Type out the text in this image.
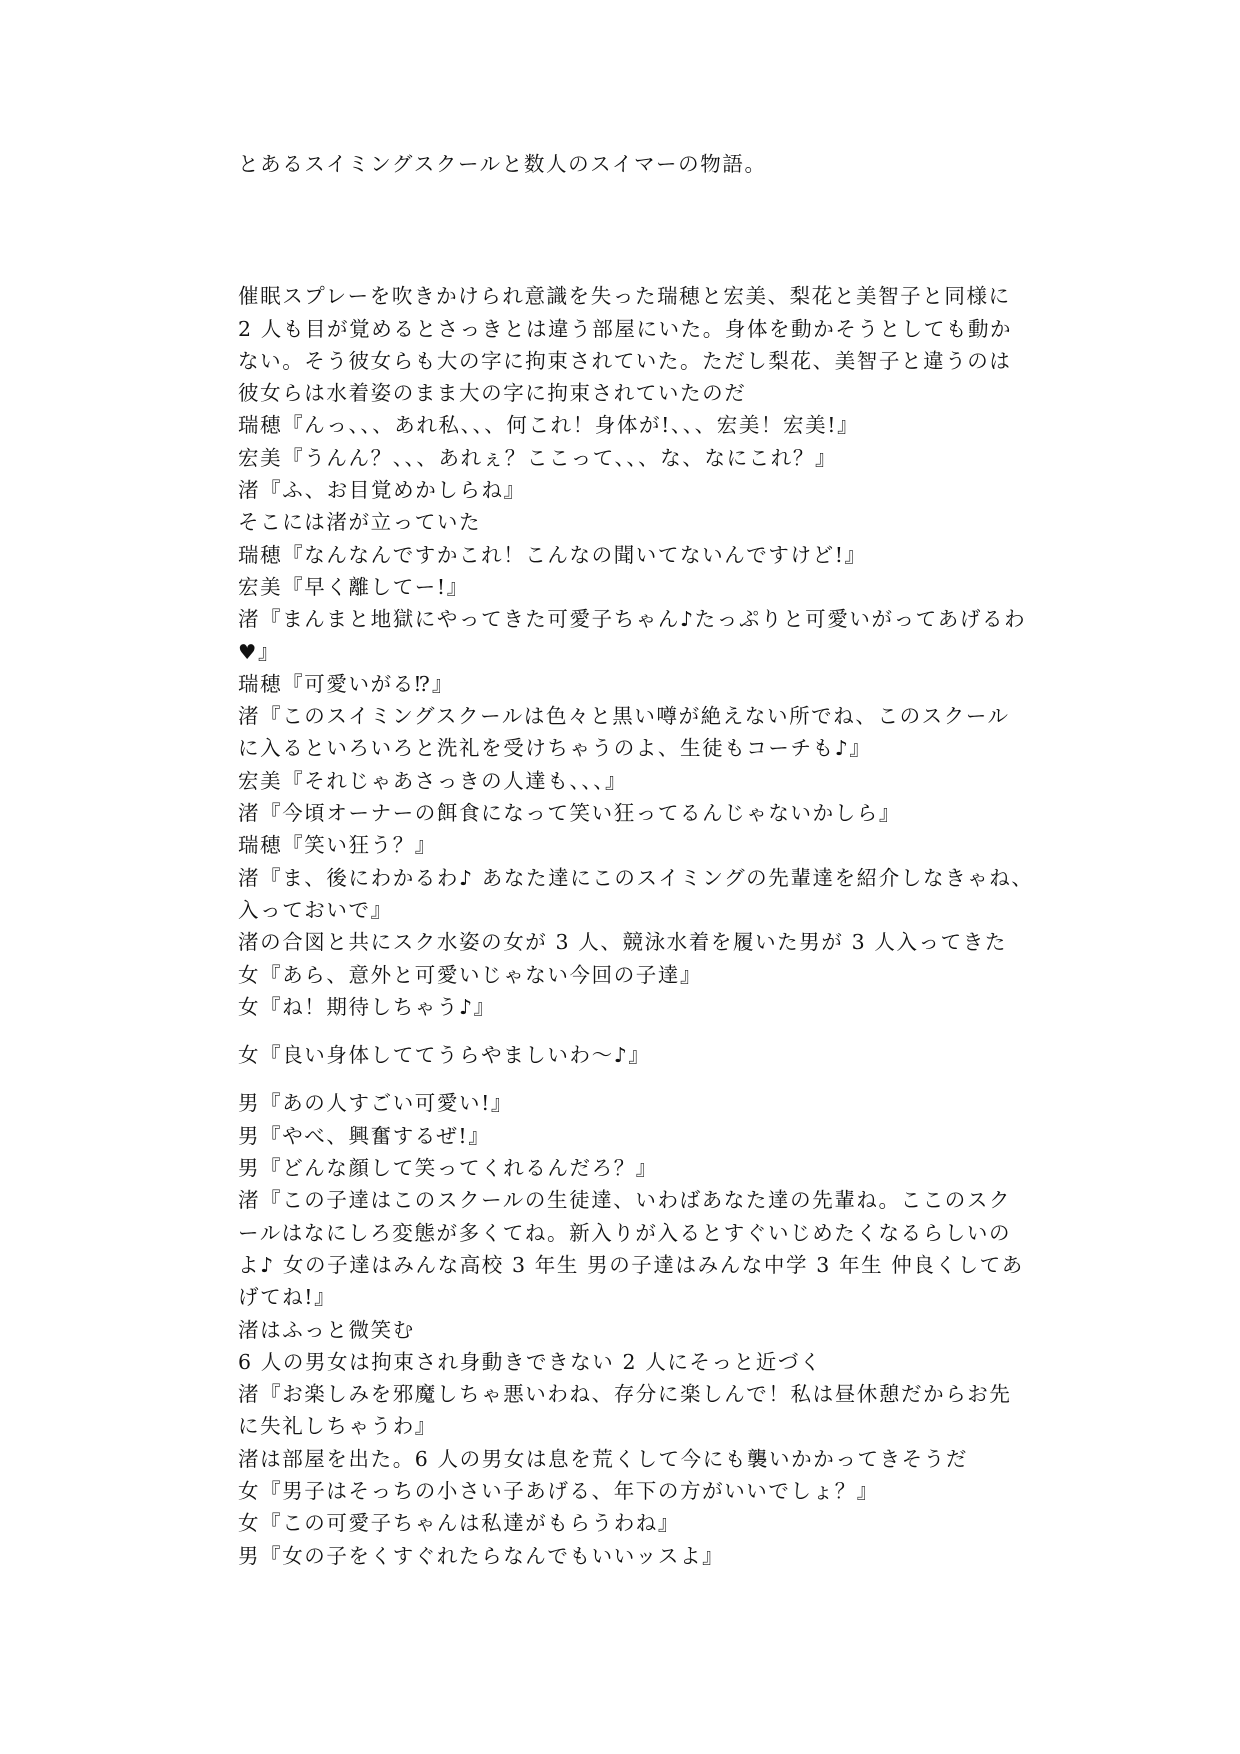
とあるスイミングスクールと数人のスイマーの物語。
催眠スプレーを吹きかけられ意識を失った瑞穂と宏美、梨花と美智子と同様に
2 人も目が覚めるとさっきとは違う部屋にいた。身体を動かそうとしても動か
ない。そう彼女らも大の字に拘束されていた。ただし梨花、美智子と違うのは
彼女らは水着姿のまま大の字に拘束されていたのだ
瑞穂『んっ、、、あれ私、、、何これ！身体が!、、、宏美！宏美!』
宏美『うんん？、、、あれぇ？ここって、、、な、なにこれ？』
渚『ふ、お目覚めかしらね』
そこには渚が立っていた
瑞穂『なんなんですかこれ！こんなの聞いてないんですけど!』
宏美『早く離してー!』
渚『まんまと地獄にやってきた可愛子ちゃん♪たっぷりと可愛いがってあげるわ
♥』
瑞穂『可愛いがる⁉』
渚『このスイミングスクールは色々と黒い噂が絶えない所でね、このスクール
に入るといろいろと洗礼を受けちゃうのよ、生徒もコーチも♪』
宏美『それじゃあさっきの人達も、、、』
渚『今頃オーナーの餌食になって笑い狂ってるんじゃないかしら』
瑞穂『笑い狂う？』
渚『ま、後にわかるわ♪ あなた達にこのスイミングの先輩達を紹介しなきゃね、
入っておいで』
渚の合図と共にスク水姿の女が 3 人、競泳水着を履いた男が 3 人入ってきた
女『あら、意外と可愛いじゃない今回の子達』
女『ね！期待しちゃう♪』
女『良い身体しててうらやましいわ〜♪』
男『あの人すごい可愛い!』
男『やべ、興奮するぜ!』
男『どんな顔して笑ってくれるんだろ？』
渚『この子達はこのスクールの生徒達、いわばあなた達の先輩ね。ここのスク
ールはなにしろ変態が多くてね。新入りが入るとすぐいじめたくなるらしいの
よ♪ 女の子達はみんな高校 3 年生 男の子達はみんな中学 3 年生 仲良くしてあ
げてね!』
渚はふっと微笑む
6 人の男女は拘束され身動きできない 2 人にそっと近づく
渚『お楽しみを邪魔しちゃ悪いわね、存分に楽しんで！私は昼休憩だからお先
に失礼しちゃうわ』
渚は部屋を出た。6 人の男女は息を荒くして今にも襲いかかってきそうだ
女『男子はそっちの小さい子あげる、年下の方がいいでしょ？』
女『この可愛子ちゃんは私達がもらうわね』
男『女の子をくすぐれたらなんでもいいッスよ』
